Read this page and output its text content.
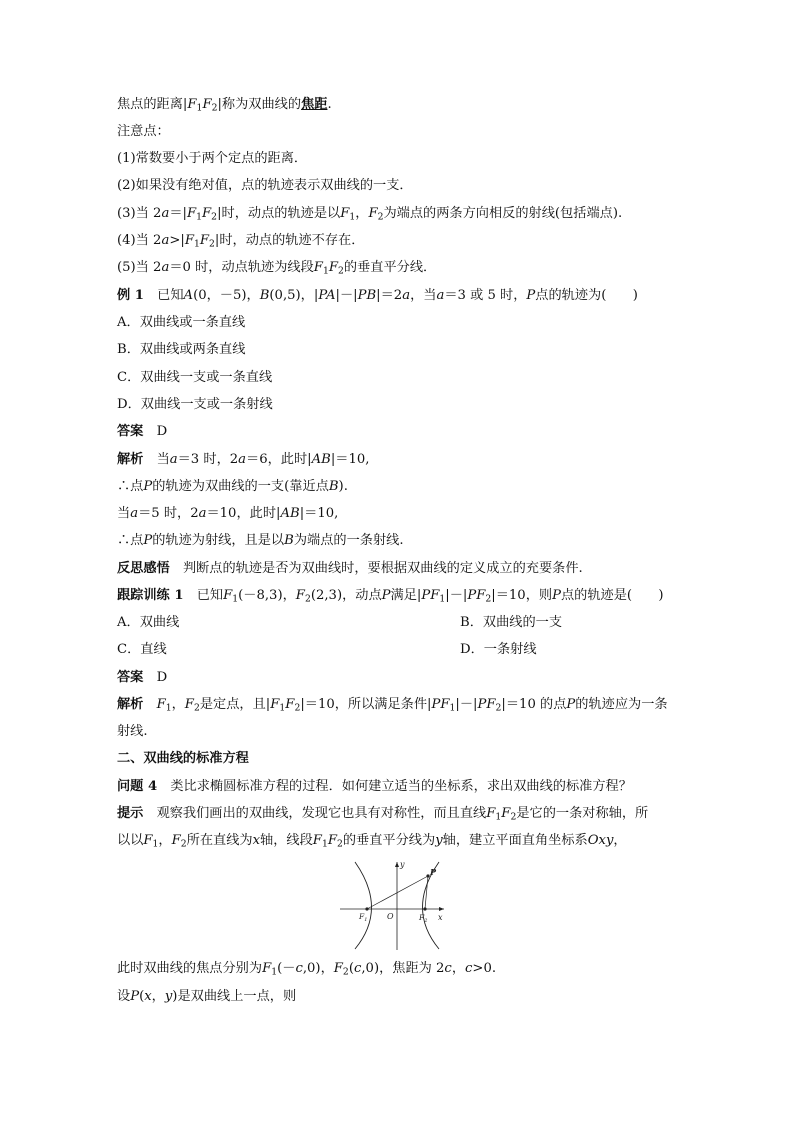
焦点的距离$|F_1F_2|$称为双曲线的焦距.
注意点：
(1)常数要小于两个定点的距离．
(2)如果没有绝对值，点的轨迹表示双曲线的一支．
(3)当 $2a=|F_1F_2|$时，动点的轨迹是以$F_1$，$F_2$为端点的两条方向相反的射线(包括端点).
(4)当 $2a>|F_1F_2|$时，动点的轨迹不存在．
(5)当 2a＝0 时，动点轨迹为线段$F_1F_2$的垂直平分线．
例 1　 已知A(0，－5)，B(0,5)，|PA|－|PB|＝2a，当a＝3 或 5 时，P点的轨迹为(　　)
A．双曲线或一条直线
B．双曲线或两条直线
C．双曲线一支或一条直线
D．双曲线一支或一条射线
答案　 D
解析　 当a＝3 时，2a＝6，此时|AB|＝10,
∴点P的轨迹为双曲线的一支(靠近点B).
当a＝5 时，2a＝10，此时|AB|＝10,
∴点P的轨迹为射线，且是以B为端点的一条射线.
反思感悟　 判断点的轨迹是否为双曲线时，要根据双曲线的定义成立的充要条件.
跟踪训练 1　 已知$F_1(-8,3)$，$F_2(2,3)$，动点P满足$|PF_1|-|PF_2|=10$，则P点的轨迹是(　　)
A．双曲线	B．双曲线的一支
C．直线	D．一条射线
答案　 D
解析　 $F_1$，$F_2$是定点，且$|F_1F_2|=10$，所以满足条件$|PF_1|-|PF_2|=10$ 的点P的轨迹应为一条
射线.
二、双曲线的标准方程
问题 4　 类比求椭圆标准方程的过程．如何建立适当的坐标系，求出双曲线的标准方程？
提示　 观察我们画出的双曲线，发现它也具有对称性，而且直线$F_1F_2$是它的一条对称轴，所
以以$F_1$，$F_2$所在直线为x轴，线段$F_1F_2$的垂直平分线为y轴，建立平面直角坐标系Oxy，
y
x
P
$F_1$ O	$F_2$
此时双曲线的焦点分别为$F_1(-c,0)$，$F_2(c,0)$，焦距为 2c，c>0.
设P(x，y)是双曲线上一点，则
